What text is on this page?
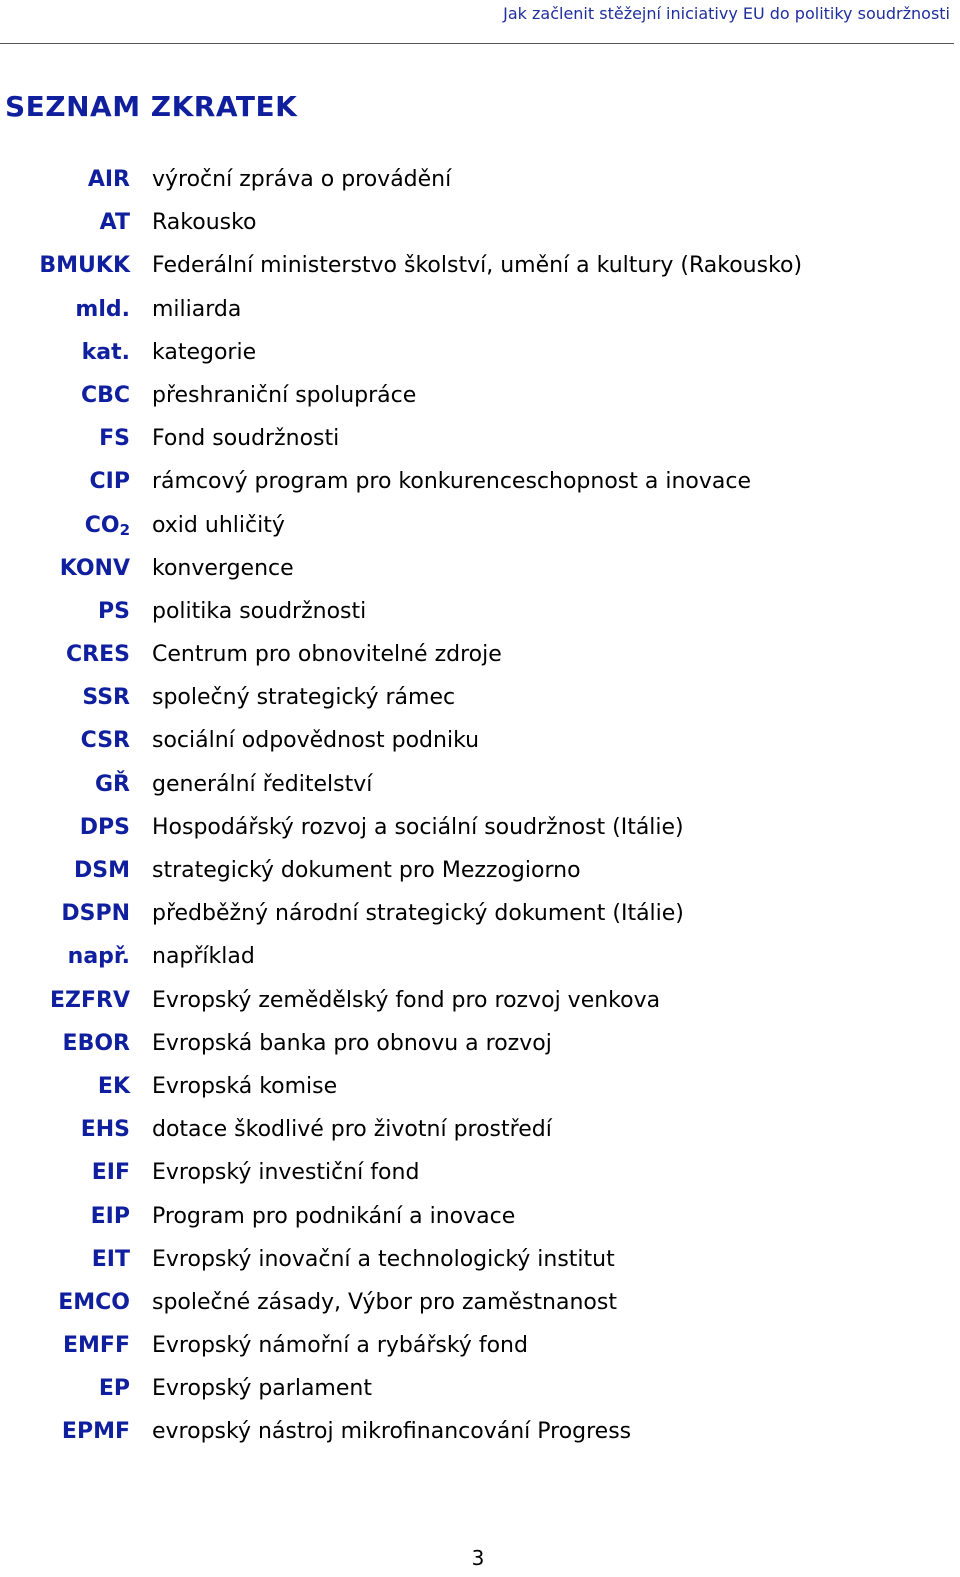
Jak začlenit stěžejní iniciativy EU do politiky soudržnosti
SEZNAM ZKRATEK
AIR výroční zpráva o provádění
AT Rakousko
BMUKK Federální ministerstvo školství, umění a kultury (Rakousko)
mld. miliarda
kat. kategorie
CBC přeshraniční spolupráce
FS Fond soudržnosti
CIP rámcový program pro konkurenceschopnost a inovace
$CO_2$ oxid uhličitý
KONV konvergence
PS politika soudržnosti
CRES Centrum pro obnovitelné zdroje
SSR společný strategický rámec
CSR sociální odpovědnost podniku
GŘ generální ředitelství
DPS Hospodářský rozvoj a sociální soudržnost (Itálie)
DSM strategický dokument pro Mezzogiorno
DSPN předběžný národní strategický dokument (Itálie)
např. například
EZFRV Evropský zemědělský fond pro rozvoj venkova
EBOR Evropská banka pro obnovu a rozvoj
EK Evropská komise
EHS dotace škodlivé pro životní prostředí
EIF Evropský investiční fond
EIP Program pro podnikání a inovace
EIT Evropský inovační a technologický institut
EMCO společné zásady, Výbor pro zaměstnanost
EMFF Evropský námořní a rybářský fond
EP Evropský parlament
EPMF evropský nástroj mikrofinancování Progress
3
